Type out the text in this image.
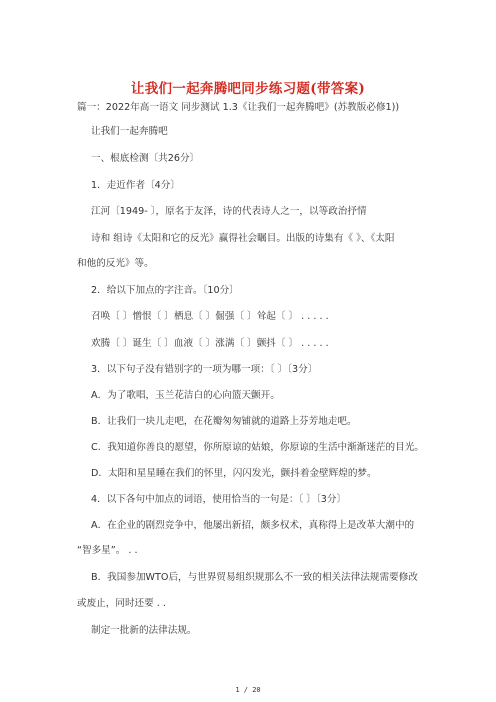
让我们一起奔腾吧同步练习题(带答案)
篇一：2022年高一语文 同步测试 1.3《让我们一起奔腾吧》(苏教版必修1))
让我们一起奔腾吧
一、根底检测〔共26分〕
1．走近作者〔4分〕
江河〔1949- 〕，原名于友泽，诗的代表诗人之一，以等政治抒情
诗和 组诗《太阳和它的反光》赢得社会瞩目。出版的诗集有《 》、《太阳
和他的反光》等。
2．给以下加点的字注音。〔10分〕
召唤〔 〕憎恨〔 〕栖息〔 〕倔强〔 〕耸起〔 〕 . . . . .
欢腾〔 〕诞生〔 〕血液〔 〕涨满〔 〕颤抖〔 〕 . . . . .
3．以下句子没有错别字的一项为哪一项：〔 〕〔3分〕
A．为了歌唱，玉兰花洁白的心向篮天颤开。
B．让我们一块儿走吧，在花瓣匆匆铺就的道路上芬芳地走吧。
C．我知道你善良的愿望，你所原谅的姑娘，你原谅的生活中渐渐迷茫的目光。
D．太阳和星星睡在我们的怀里，闪闪发光，颤抖着金壁辉煌的梦。
4．以下各句中加点的词语，使用恰当的一句是：〔 〕〔3分〕
A．在企业的剧烈竞争中，他屡出新招，颇多权术，真称得上是改革大潮中的
“智多星”。 . .
B．我国参加WTO后，与世界贸易组织规那么不一致的相关法律法规需要修改
或废止，同时还要 . .
制定一批新的法律法规。
1 / 20
